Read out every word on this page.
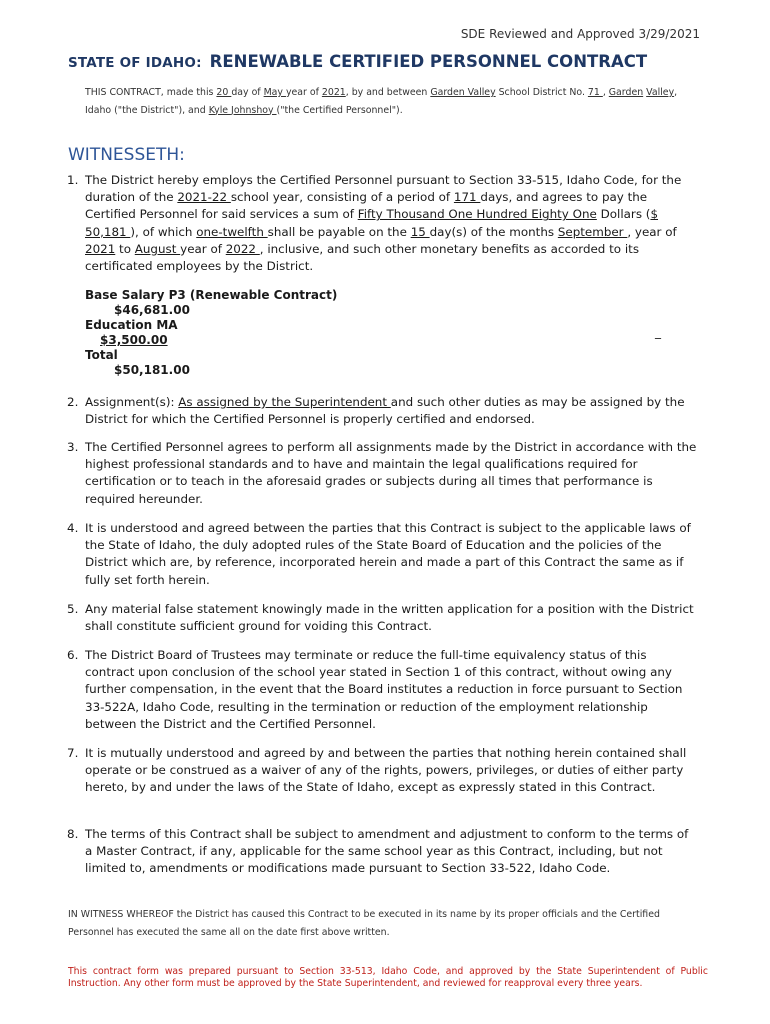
SDE Reviewed and Approved 3/29/2021
STATE OF IDAHO: RENEWABLE CERTIFIED PERSONNEL CONTRACT
THIS CONTRACT, made this 20 day of May year of 2021, by and between Garden Valley School District No. 71 , Garden Valley, Idaho ("the District"), and Kyle Johnshoy ("the Certified Personnel").
WITNESSETH:
1. The District hereby employs the Certified Personnel pursuant to Section 33-515, Idaho Code, for the duration of the 2021-22 school year, consisting of a period of 171 days, and agrees to pay the Certified Personnel for said services a sum of Fifty Thousand One Hundred Eighty One Dollars ($ 50,181 ), of which one-twelfth shall be payable on the 15 day(s) of the months September , year of 2021 to August year of 2022 , inclusive, and such other monetary benefits as accorded to its certificated employees by the District.
Base Salary P3 (Renewable Contract)
$46,681.00
Education MA
$3,500.00
Total
$50,181.00
_
2. Assignment(s): As assigned by the Superintendent and such other duties as may be assigned by the District for which the Certified Personnel is properly certified and endorsed.
3. The Certified Personnel agrees to perform all assignments made by the District in accordance with the highest professional standards and to have and maintain the legal qualifications required for certification or to teach in the aforesaid grades or subjects during all times that performance is required hereunder.
4. It is understood and agreed between the parties that this Contract is subject to the applicable laws of the State of Idaho, the duly adopted rules of the State Board of Education and the policies of the District which are, by reference, incorporated herein and made a part of this Contract the same as if fully set forth herein.
5. Any material false statement knowingly made in the written application for a position with the District shall constitute sufficient ground for voiding this Contract.
6. The District Board of Trustees may terminate or reduce the full-time equivalency status of this contract upon conclusion of the school year stated in Section 1 of this contract, without owing any further compensation, in the event that the Board institutes a reduction in force pursuant to Section 33-522A, Idaho Code, resulting in the termination or reduction of the employment relationship between the District and the Certified Personnel.
7. It is mutually understood and agreed by and between the parties that nothing herein contained shall operate or be construed as a waiver of any of the rights, powers, privileges, or duties of either party hereto, by and under the laws of the State of Idaho, except as expressly stated in this Contract.
8. The terms of this Contract shall be subject to amendment and adjustment to conform to the terms of a Master Contract, if any, applicable for the same school year as this Contract, including, but not limited to, amendments or modifications made pursuant to Section 33-522, Idaho Code.
IN WITNESS WHEREOF the District has caused this Contract to be executed in its name by its proper officials and the Certified Personnel has executed the same all on the date first above written.
This contract form was prepared pursuant to Section 33-513, Idaho Code, and approved by the State Superintendent of Public Instruction. Any other form must be approved by the State Superintendent, and reviewed for reapproval every three years.
